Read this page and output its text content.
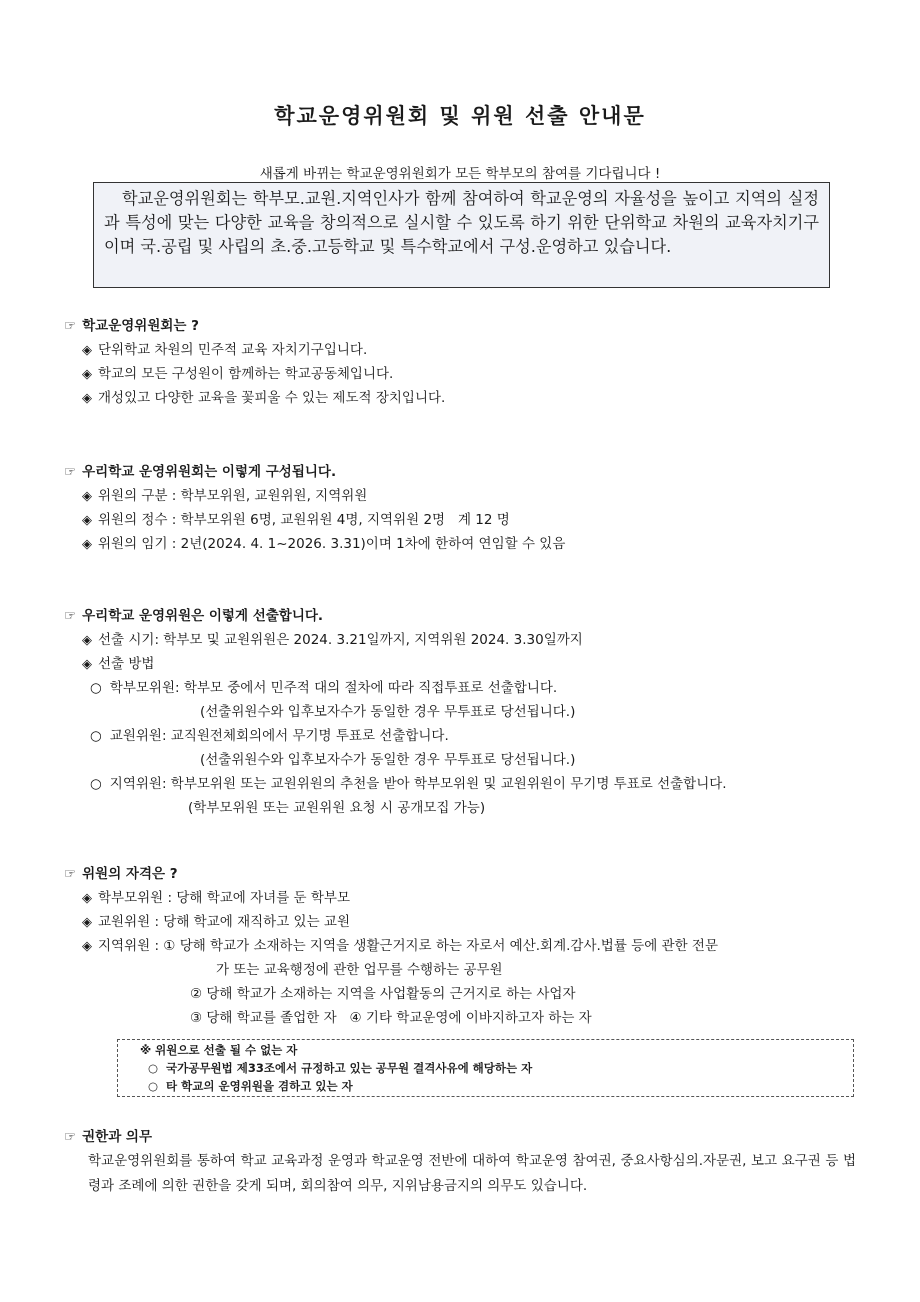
학교운영위원회 및 위원 선출 안내문
새롭게 바뀌는 학교운영위원회가 모든 학부모의 참여를 기다립니다 !
학교운영위원회는 학부모.교원.지역인사가 함께 참여하여 학교운영의 자율성을 높이고 지역의 실정과 특성에 맞는 다양한 교육을 창의적으로 실시할 수 있도록 하기 위한 단위학교 차원의 교육자치기구이며 국.공립 및 사립의 초.중.고등학교 및 특수학교에서 구성.운영하고 있습니다.
☞ 학교운영위원회는 ?
◈ 단위학교 차원의 민주적 교육 자치기구입니다.
◈ 학교의 모든 구성원이 함께하는 학교공동체입니다.
◈ 개성있고 다양한 교육을 꽃피울 수 있는 제도적 장치입니다.
☞ 우리학교 운영위원회는 이렇게 구성됩니다.
◈ 위원의 구분 : 학부모위원, 교원위원, 지역위원
◈ 위원의 정수 : 학부모위원 6명, 교원위원 4명, 지역위원 2명   계 12 명
◈ 위원의 임기 : 2년(2024. 4. 1~2026. 3.31)이며 1차에 한하여 연임할 수 있음
☞ 우리학교 운영위원은 이렇게 선출합니다.
◈ 선출 시기: 학부모 및 교원위원은 2024. 3.21일까지, 지역위원 2024. 3.30일까지
◈ 선출 방법
○ 학부모위원: 학부모 중에서 민주적 대의 절차에 따라 직접투표로 선출합니다.
(선출위원수와 입후보자수가 동일한 경우 무투표로 당선됩니다.)
○ 교원위원: 교직원전체회의에서 무기명 투표로 선출합니다.
(선출위원수와 입후보자수가 동일한 경우 무투표로 당선됩니다.)
○ 지역위원: 학부모위원 또는 교원위원의 추천을 받아 학부모위원 및 교원위원이 무기명 투표로 선출합니다.
(학부모위원 또는 교원위원 요청 시 공개모집 가능)
☞ 위원의 자격은 ?
◈ 학부모위원 : 당해 학교에 자녀를 둔 학부모
◈ 교원위원 : 당해 학교에 재직하고 있는 교원
◈ 지역위원 : ① 당해 학교가 소재하는 지역을 생활근거지로 하는 자로서 예산.회계.감사.법률 등에 관한 전문
가 또는 교육행정에 관한 업무를 수행하는 공무원
② 당해 학교가 소재하는 지역을 사업활동의 근거지로 하는 사업자
③ 당해 학교를 졸업한 자   ④ 기타 학교운영에 이바지하고자 하는 자
※ 위원으로 선출 될 수 없는 자
○ 국가공무원법 제33조에서 규정하고 있는 공무원 결격사유에 해당하는 자
○ 타 학교의 운영위원을 겸하고 있는 자
☞ 권한과 의무
학교운영위원회를 통하여 학교 교육과정 운영과 학교운영 전반에 대하여 학교운영 참여권, 중요사항심의.자문권, 보고 요구권 등 법령과 조례에 의한 권한을 갖게 되며, 회의참여 의무, 지위남용금지의 의무도 있습니다.
